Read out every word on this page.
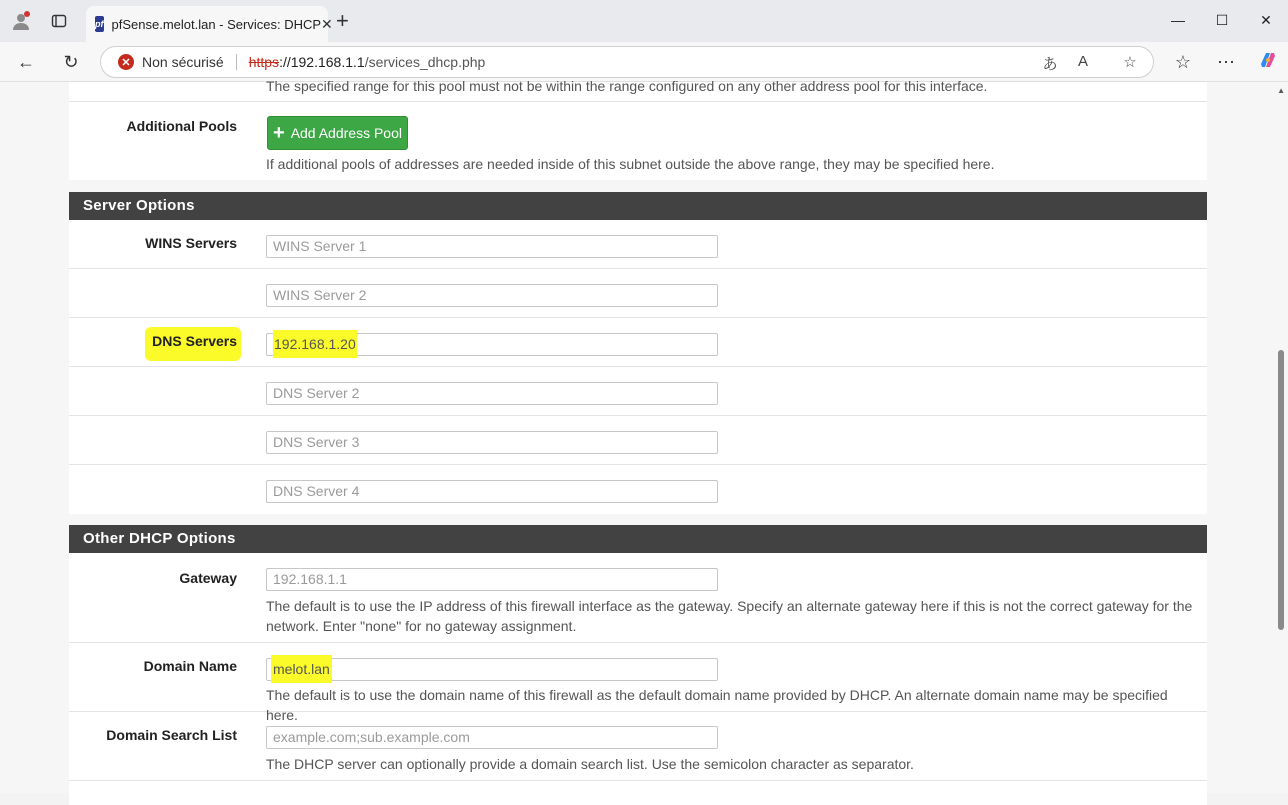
pf pfSense.melot.lan - Services: DHCP ✕ +	— ☐ ✕
← ↻	✕ Non sécurisé https ://192.168.1.1 /services_dhcp.php	あ	A	☆ ☆ ⋯
The specified range for this pool must not be within the range configured on any other address pool for this interface.
Additional Pools + Add Address Pool
If additional pools of addresses are needed inside of this subnet outside the above range, they may be specified here.
Server Options
WINS Servers	WINS Server 1
WINS Server 2
DNS Servers	192.168.1.20
DNS Server 2
DNS Server 3
DNS Server 4
Other DHCP Options
Gateway	192.168.1.1
The default is to use the IP address of this firewall interface as the gateway. Specify an alternate gateway here if this is not the correct gateway for the network. Enter "none" for no gateway assignment.
Domain Name	melot.lan
The default is to use the domain name of this firewall as the default domain name provided by DHCP. An alternate domain name may be specified here.
Domain Search List	example.com;sub.example.com
The DHCP server can optionally provide a domain search list. Use the semicolon character as separator.
▲
